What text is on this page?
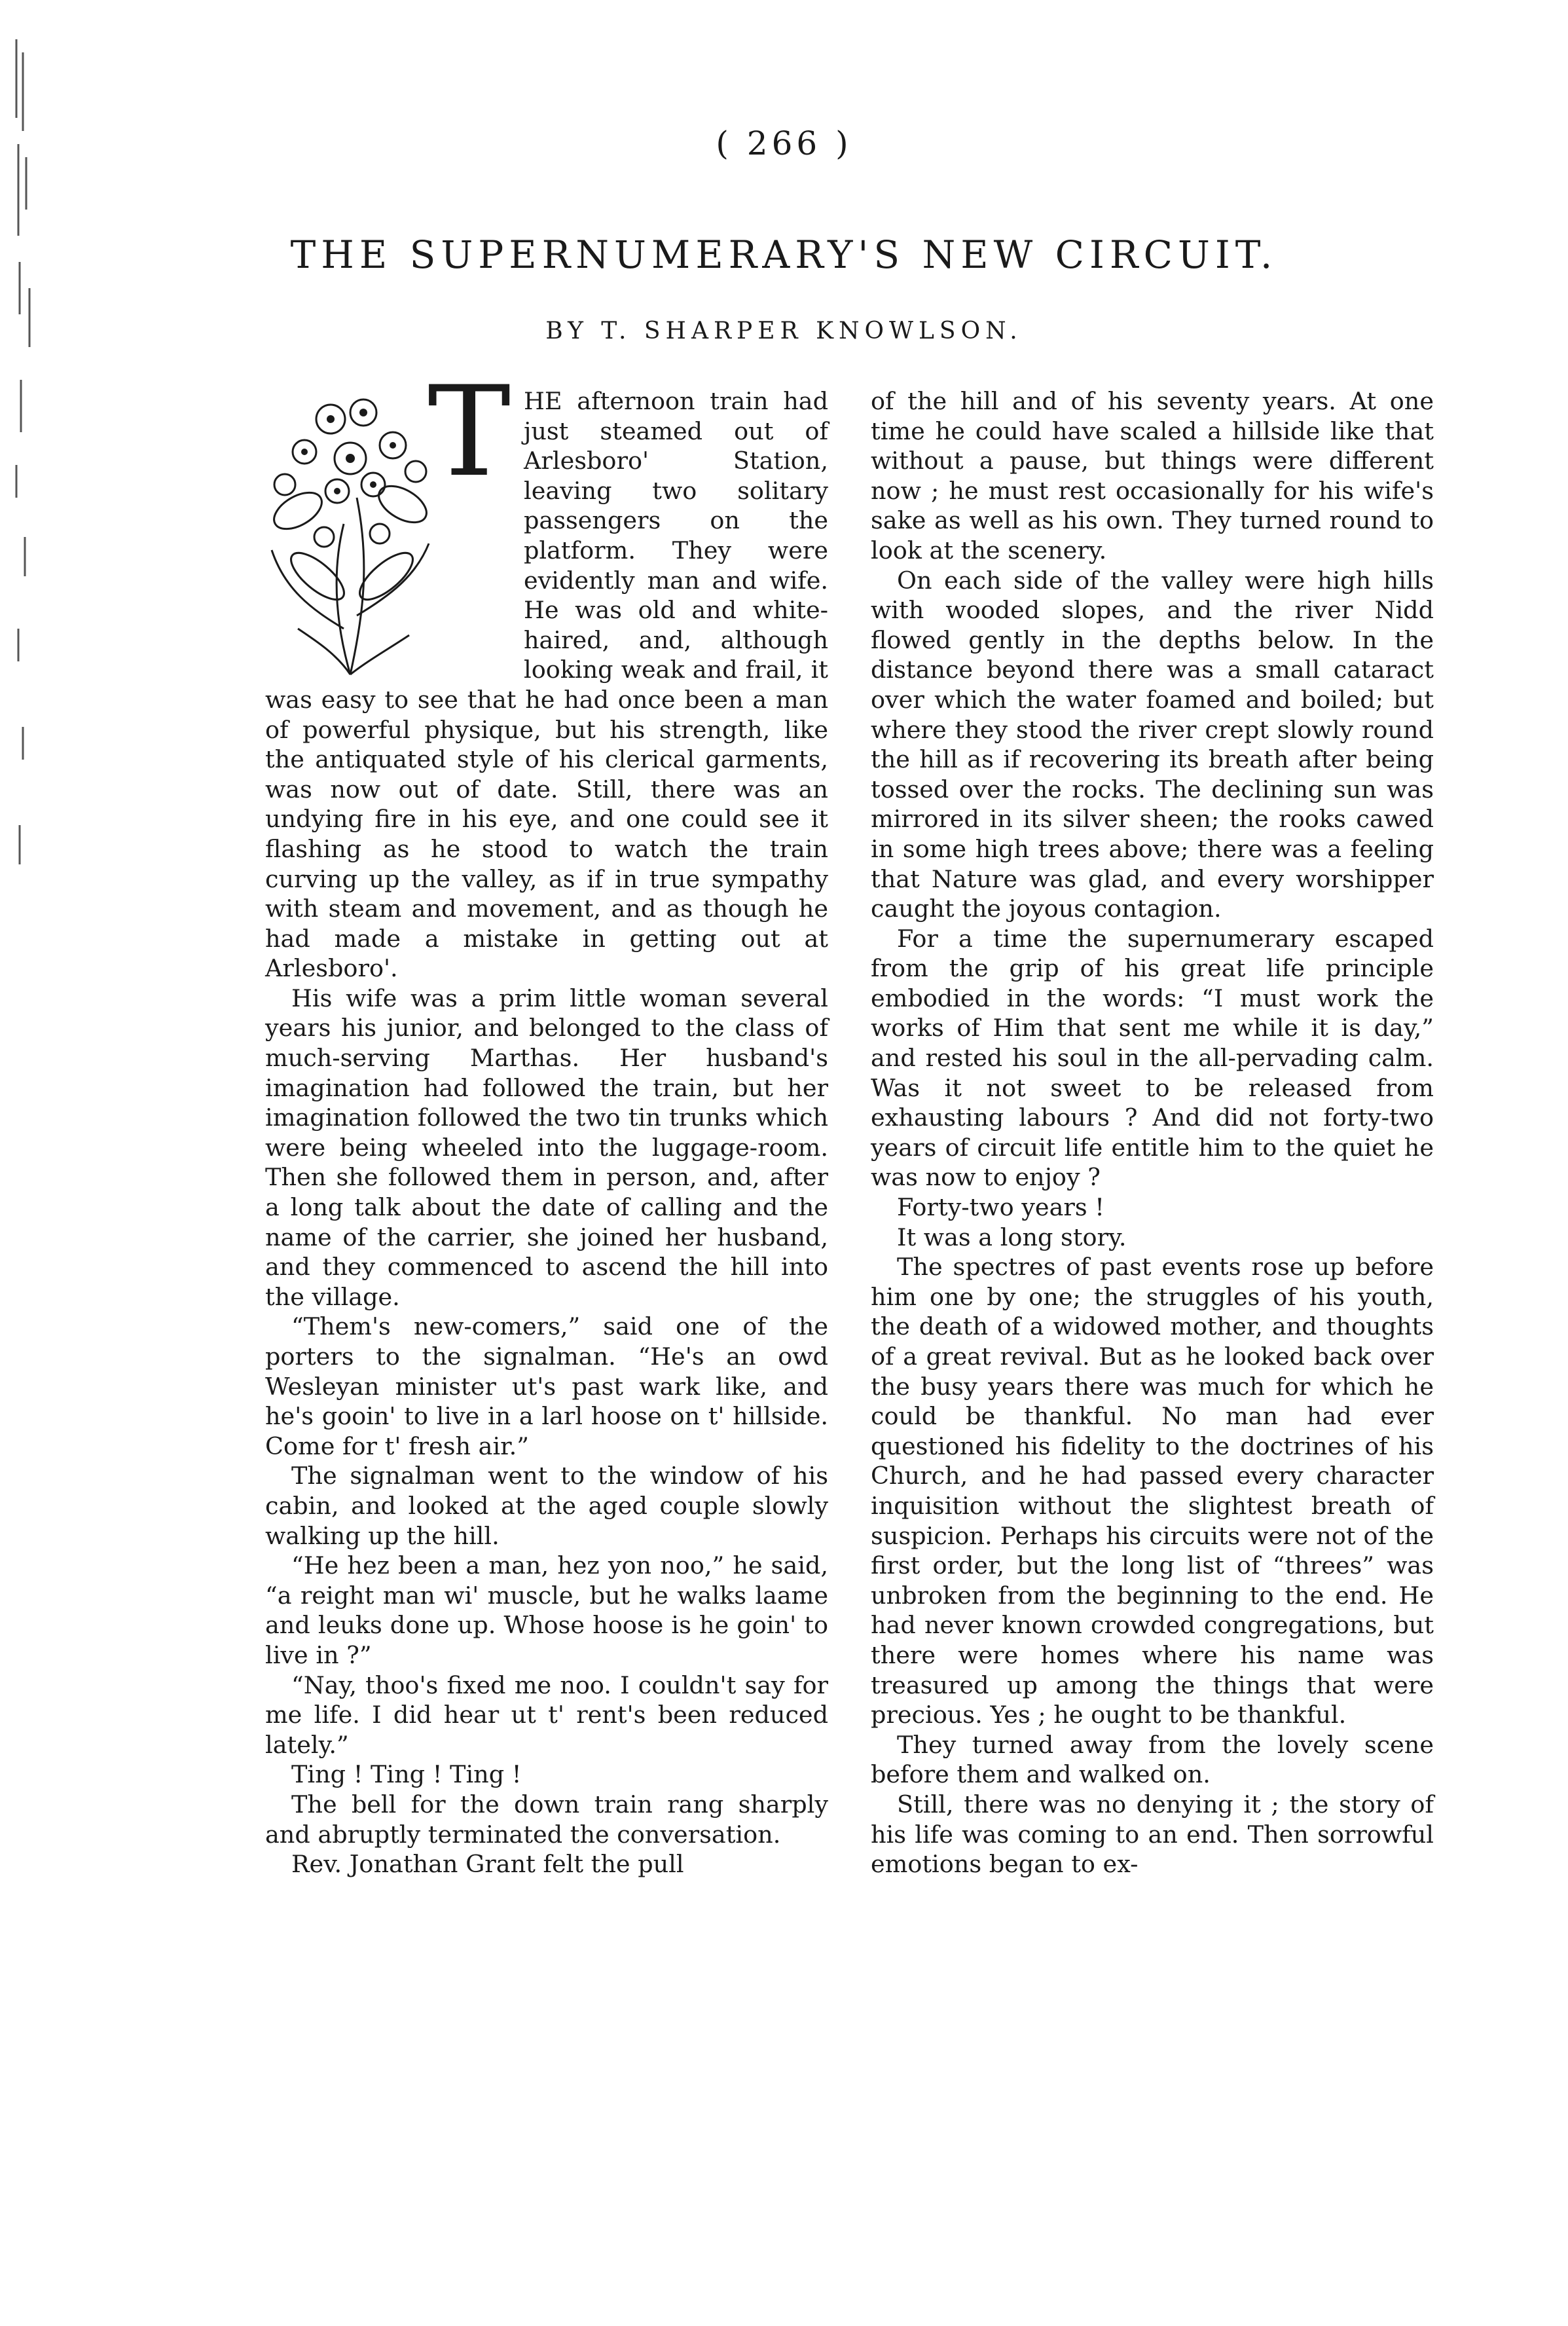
( 266 )
THE SUPERNUMERARY'S NEW CIRCUIT.
BY T. SHARPER KNOWLSON.
T HE afternoon train had just steamed out of Arlesboro' Station, leaving two solitary passengers on the platform. They were evidently man and wife. He was old and white-haired, and, although looking weak and frail, it was easy to see that he had once been a man of powerful physique, but his strength, like the antiquated style of his clerical garments, was now out of date. Still, there was an undying fire in his eye, and one could see it flashing as he stood to watch the train curving up the valley, as if in true sympathy with steam and movement, and as though he had made a mistake in getting out at Arlesboro'.

His wife was a prim little woman several years his junior, and belonged to the class of much-serving Marthas. Her husband's imagination had followed the train, but her imagination followed the two tin trunks which were being wheeled into the luggage-room. Then she followed them in person, and, after a long talk about the date of calling and the name of the carrier, she joined her husband, and they commenced to ascend the hill into the village.

“Them's new-comers,” said one of the porters to the signalman. “He's an owd Wesleyan minister ut's past wark like, and he's gooin' to live in a larl hoose on t' hillside. Come for t' fresh air.”

The signalman went to the window of his cabin, and looked at the aged couple slowly walking up the hill.

“He hez been a man, hez yon noo,” he said, “a reight man wi' muscle, but he walks laame and leuks done up. Whose hoose is he goin' to live in ?”

“Nay, thoo's fixed me noo. I couldn't say for me life. I did hear ut t' rent's been reduced lately.”

Ting ! Ting ! Ting !

The bell for the down train rang sharply and abruptly terminated the conversation.

Rev. Jonathan Grant felt the pull

of the hill and of his seventy years. At one time he could have scaled a hillside like that without a pause, but things were different now ; he must rest occasionally for his wife's sake as well as his own. They turned round to look at the scenery.

On each side of the valley were high hills with wooded slopes, and the river Nidd flowed gently in the depths below. In the distance beyond there was a small cataract over which the water foamed and boiled; but where they stood the river crept slowly round the hill as if recovering its breath after being tossed over the rocks. The declining sun was mirrored in its silver sheen; the rooks cawed in some high trees above; there was a feeling that Nature was glad, and every worshipper caught the joyous contagion.

For a time the supernumerary escaped from the grip of his great life principle embodied in the words: “I must work the works of Him that sent me while it is day,” and rested his soul in the all-pervading calm. Was it not sweet to be released from exhausting labours ? And did not forty-two years of circuit life entitle him to the quiet he was now to enjoy ?

Forty-two years !

It was a long story.

The spectres of past events rose up before him one by one; the struggles of his youth, the death of a widowed mother, and thoughts of a great revival. But as he looked back over the busy years there was much for which he could be thankful. No man had ever questioned his fidelity to the doctrines of his Church, and he had passed every character inquisition without the slightest breath of suspicion. Perhaps his circuits were not of the first order, but the long list of “threes” was unbroken from the beginning to the end. He had never known crowded congregations, but there were homes where his name was treasured up among the things that were precious. Yes ; he ought to be thankful.

They turned away from the lovely scene before them and walked on.

Still, there was no denying it ; the story of his life was coming to an end. Then sorrowful emotions began to ex-
